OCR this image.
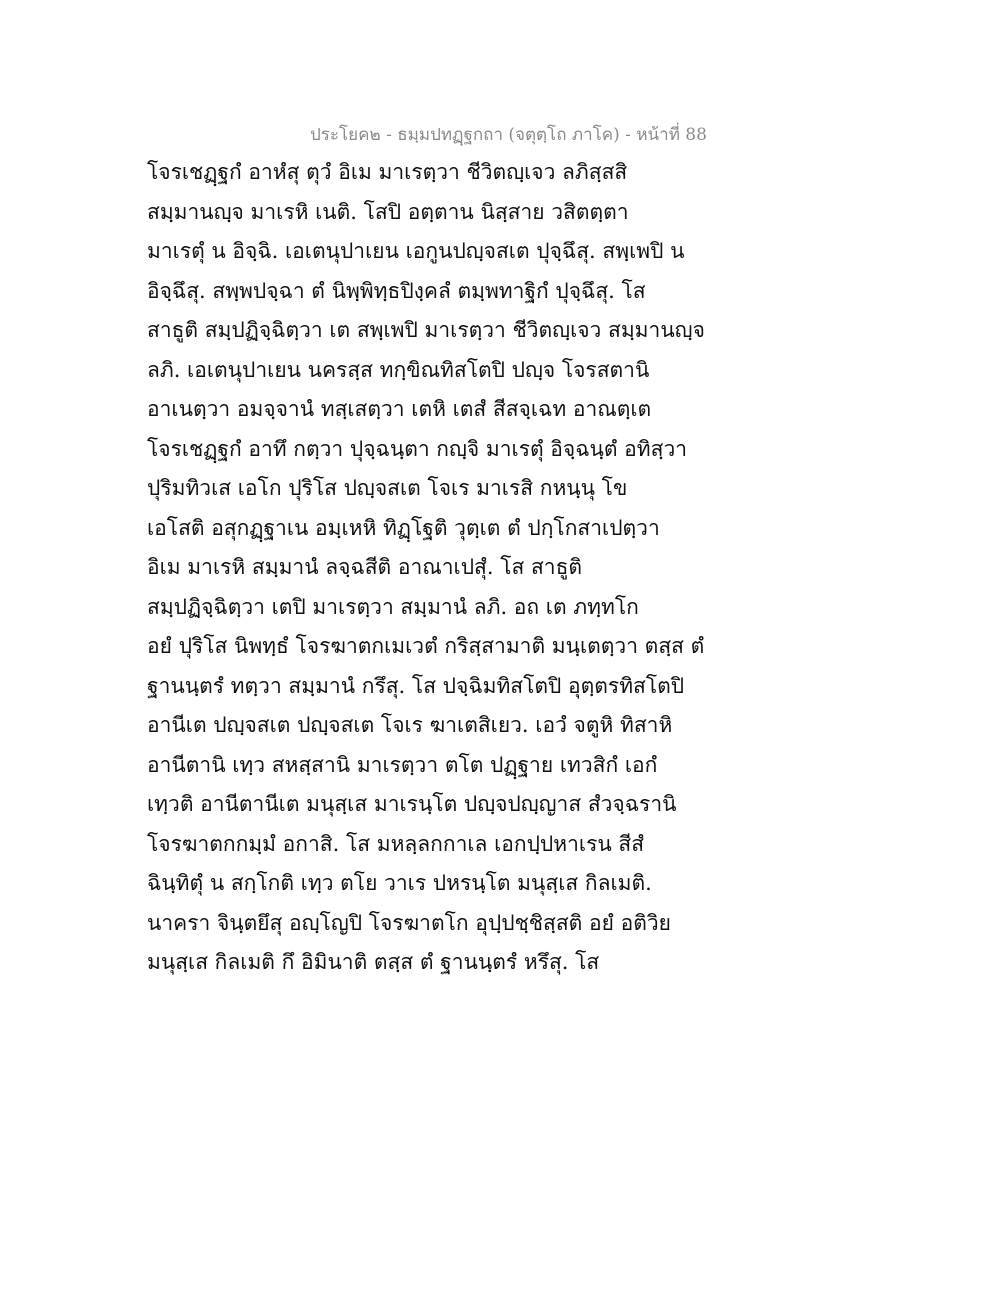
ประโยค๒ - ธมฺมปทฏฺฐกถา (จตุตฺโถ ภาโค) - หน้าที่ 88
โจรเชฏฺฐกํ อาหํสุ ตุวํ อิเม มาเรตฺวา ชีวิตญฺเจว ลภิสฺสสิ
สมฺมานญฺจ มาเรหิ เนติ. โสปิ อตฺตาน นิสฺสาย วสิตตฺตา
มาเรตุํ น อิจฺฉิ. เอเตนุปาเยน เอกูนปญฺจสเต ปุจฺฉึสุ. สพฺเพปิ น
อิจฺฉึสุ. สพฺพปจฺฉา ตํ นิพฺพิทฺธปิงฺคลํ ตมฺพทาฐิกํ ปุจฺฉึสุ. โส
สาธูติ สมฺปฏิจฺฉิตฺวา เต สพฺเพปิ มาเรตฺวา ชีวิตญฺเจว สมฺมานญฺจ
ลภิ. เอเตนุปาเยน นครสฺส ทกฺขิณทิสโตปิ ปญฺจ โจรสตานิ
อาเนตฺวา อมจฺจานํ ทสฺเสตฺวา เตหิ เตสํ สีสจฺเฉท อาณตฺเต
โจรเชฏฺฐกํ อาทึ กตฺวา ปุจฺฉนฺตา กญฺจิ มาเรตุํ อิจฺฉนฺตํ อทิสฺวา
ปุริมทิวเส เอโก ปุริโส ปญฺจสเต โจเร มาเรสิ กหนฺนุ โข
เอโสติ อสุกฏฺฐาเน อมฺเหหิ ทิฏฺโฐติ วุตฺเต ตํ ปกฺโกสาเปตฺวา
อิเม มาเรหิ สมฺมานํ ลจฺฉสีติ อาณาเปสุํ. โส สาธูติ
สมฺปฏิจฺฉิตฺวา เตปิ มาเรตฺวา สมฺมานํ ลภิ. อถ เต ภทฺทโก
อยํ ปุริโส นิพทฺธํ โจรฆาตกเมเวตํ กริสฺสามาติ มนฺเตตฺวา ตสฺส ตํ
ฐานนฺตรํ ทตฺวา สมฺมานํ กรึสุ. โส ปจฺฉิมทิสโตปิ อุตฺตรทิสโตปิ
อานีเต ปญฺจสเต ปญฺจสเต โจเร ฆาเตสิเยว. เอวํ จตูหิ ทิสาหิ
อานีตานิ เทฺว สหสฺสานิ มาเรตฺวา ตโต ปฏฺฐาย เทวสิกํ เอกํ
เทฺวติ อานีตานีเต มนุสฺเส มาเรนฺโต ปญฺจปญฺญาส สํวจฺฉรานิ
โจรฆาตกกมฺมํ อกาสิ. โส มหลฺลกกาเล เอกปฺปหาเรน สีสํ
ฉินฺทิตุํ น สกฺโกติ เทฺว ตโย วาเร ปหรนฺโต มนุสฺเส กิลเมติ.
นาครา จินฺตยึสุ อญฺโญปิ โจรฆาตโก อุปฺปชฺชิสฺสติ อยํ อติวิย
มนุสฺเส กิลเมติ กึ อิมินาติ ตสฺส ตํ ฐานนฺตรํ หรึสุ. โส
